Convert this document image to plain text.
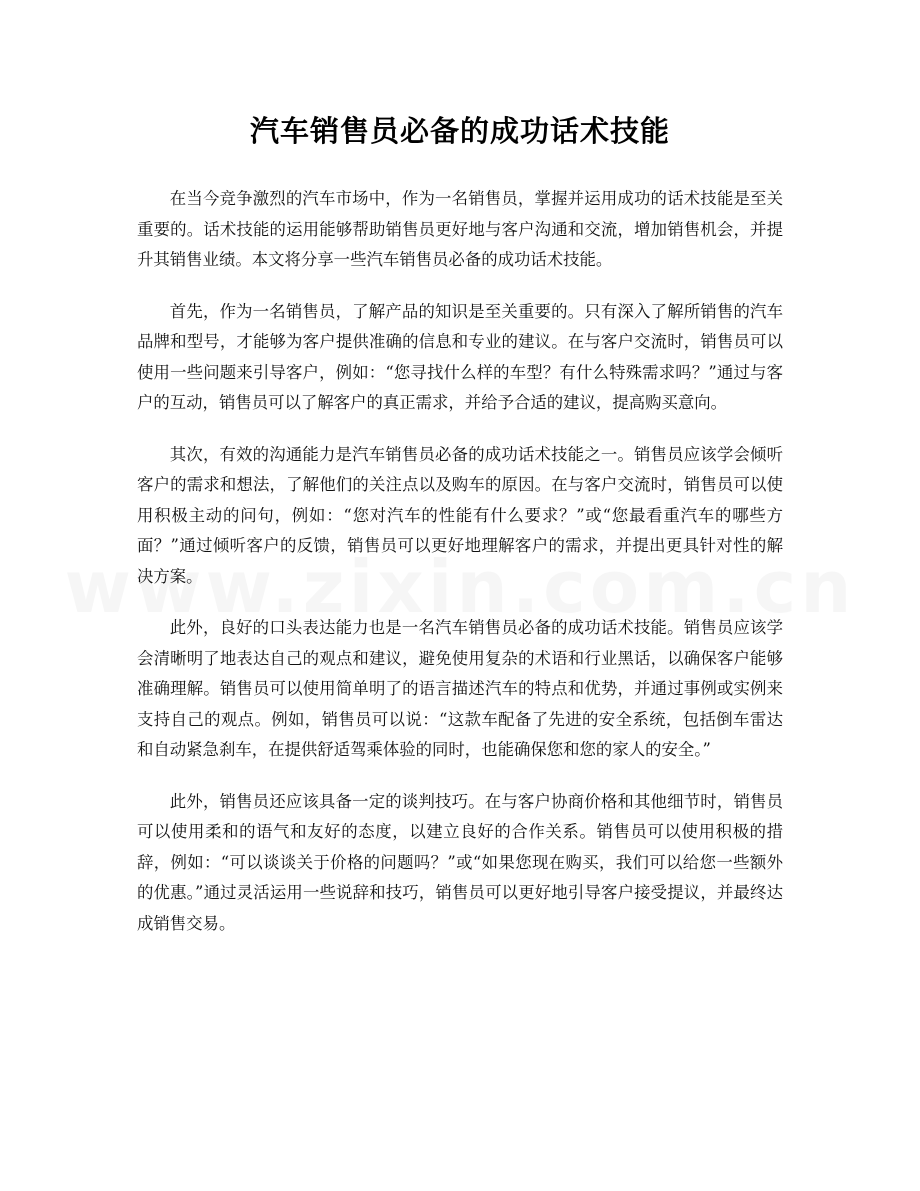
汽车销售员必备的成功话术技能

在当今竞争激烈的汽车市场中，作为一名销售员，掌握并运用成功的话术技能是至关重要的。话术技能的运用能够帮助销售员更好地与客户沟通和交流，增加销售机会，并提升其销售业绩。本文将分享一些汽车销售员必备的成功话术技能。

首先，作为一名销售员，了解产品的知识是至关重要的。只有深入了解所销售的汽车品牌和型号，才能够为客户提供准确的信息和专业的建议。在与客户交流时，销售员可以使用一些问题来引导客户，例如：“您寻找什么样的车型？有什么特殊需求吗？”通过与客户的互动，销售员可以了解客户的真正需求，并给予合适的建议，提高购买意向。

其次，有效的沟通能力是汽车销售员必备的成功话术技能之一。销售员应该学会倾听客户的需求和想法，了解他们的关注点以及购车的原因。在与客户交流时，销售员可以使用积极主动的问句，例如：“您对汽车的性能有什么要求？”或“您最看重汽车的哪些方面？”通过倾听客户的反馈，销售员可以更好地理解客户的需求，并提出更具针对性的解决方案。

此外，良好的口头表达能力也是一名汽车销售员必备的成功话术技能。销售员应该学会清晰明了地表达自己的观点和建议，避免使用复杂的术语和行业黑话，以确保客户能够准确理解。销售员可以使用简单明了的语言描述汽车的特点和优势，并通过事例或实例来支持自己的观点。例如，销售员可以说：“这款车配备了先进的安全系统，包括倒车雷达和自动紧急刹车，在提供舒适驾乘体验的同时，也能确保您和您的家人的安全。”

此外，销售员还应该具备一定的谈判技巧。在与客户协商价格和其他细节时，销售员可以使用柔和的语气和友好的态度，以建立良好的合作关系。销售员可以使用积极的措辞，例如：“可以谈谈关于价格的问题吗？”或“如果您现在购买，我们可以给您一些额外的优惠。”通过灵活运用一些说辞和技巧，销售员可以更好地引导客户接受提议，并最终达成销售交易。
